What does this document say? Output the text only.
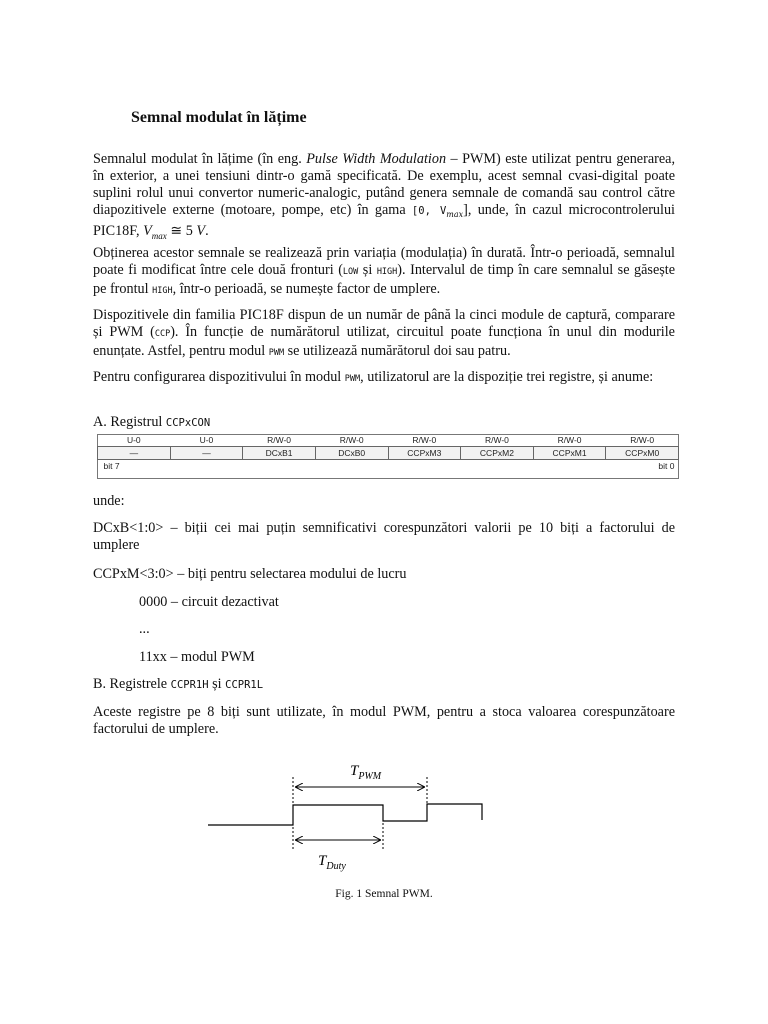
Semnal modulat în lățime
Semnalul modulat în lățime (în eng. Pulse Width Modulation – PWM) este utilizat pentru generarea, în exterior, a unei tensiuni dintr-o gamă specificată. De exemplu, acest semnal cvasi-digital poate suplini rolul unui convertor numeric-analogic, putând genera semnale de comandă sau control către diapozitivele externe (motoare, pompe, etc) în gama [0, $V_{max}$], unde, în cazul microcontrolerului PIC18F, $V_{max}$ ≅ 5 V.
Obținerea acestor semnale se realizează prin variația (modulația) în durată. Într-o perioadă, semnalul poate fi modificat între cele două fronturi (LOW și HIGH). Intervalul de timp în care semnalul se găsește pe frontul HIGH, într-o perioadă, se numește factor de umplere.
Dispozitivele din familia PIC18F dispun de un număr de până la cinci module de captură, comparare și PWM (CCP). În funcție de numărătorul utilizat, circuitul poate funcționa în unul din modurile enunțate. Astfel, pentru modul PWM se utilizează numărătorul doi sau patru.
Pentru configurarea dispozitivului în modul PWM, utilizatorul are la dispoziție trei registre, și anume:
A. Registrul CCPxCON
U-0	U-0	R/W-0	R/W-0	R/W-0	R/W-0	R/W-0	R/W-0
—	—	DCxB1	DCxB0	CCPxM3	CCPxM2	CCPxM1	CCPxM0
bit 7							bit 0
unde:
DCxB<1:0> – biții cei mai puțin semnificativi corespunzători valorii pe 10 biți a factorului de umplere
CCPxM<3:0> – biți pentru selectarea modului de lucru
0000 – circuit dezactivat
...
11xx – modul PWM
B. Registrele CCPR1H și CCPR1L
Aceste registre pe 8 biți sunt utilizate, în modul PWM, pentru a stoca valoarea corespunzătoare factorului de umplere.
$T_{PWM}$
$T_{Duty}$
Fig. 1 Semnal PWM.
